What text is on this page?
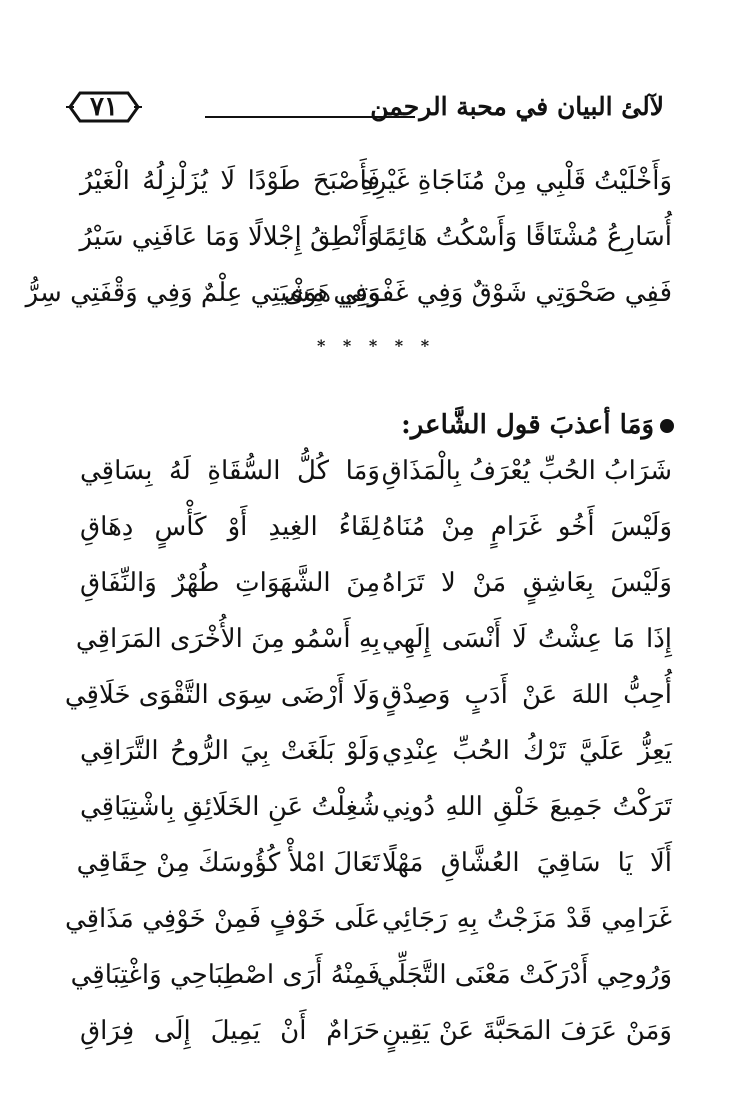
٧١	لآلئ البيان في محبة الرحمن
وَأَخْلَيْتُ قَلْبِي مِنْ مُنَاجَاةِ غَيْرِهِ
فَأَصْبَحَ طَوْدًا لَا يُزَلْزِلُهُ الْغَيْرُ
أُسَارِعُ مُشْتَاقًا وَأَسْكُتُ هَائِمًا
وَأَنْطِقُ إِجْلالًا وَمَا عَافَنِي سَيْرُ
فَفِي صَحْوَتِي شَوْقٌ وَفِي غَفْوَتِي هَوَى
وَفِي مِشْيَتِي عِلْمٌ وَفِي وَقْفَتِي سِرُّ
* * * * *
وَمَا أعذبَ قول الشَّاعر:
شَرَابُ الحُبِّ يُعْرَفُ بِالْمَذَاقِ
وَمَا كُلُّ السُّقَاةِ لَهُ بِسَاقِي
وَلَيْسَ أَخُو غَرَامٍ مِنْ مُنَاهُ
لِقَاءُ الغِيدِ أَوْ كَأْسٍ دِهَاقِ
وَلَيْسَ بِعَاشِقٍ مَنْ لا تَرَاهُ
مِنَ الشَّهَوَاتِ طُهْرٌ وَالنِّفَاقِ
إِذَا مَا عِشْتُ لَا أَنْسَى إِلَهِي
بِهِ أَسْمُو مِنَ الأُخْرَى المَرَاقِي
أُحِبُّ اللهَ عَنْ أَدَبٍ وَصِدْقٍ
وَلَا أَرْضَى سِوَى التَّقْوَى خَلَاقِي
يَعِزُّ عَلَيَّ تَرْكُ الحُبِّ عِنْدِي
وَلَوْ بَلَغَتْ بِيَ الرُّوحُ التَّرَاقِي
تَرَكْتُ جَمِيعَ خَلْقِ اللهِ دُونِي
شُغِلْتُ عَنِ الخَلَائِقِ بِاشْتِيَاقِي
أَلَا يَا سَاقِيَ العُشَّاقِ مَهْلًا
تَعَالَ امْلأْ كُؤُوسَكَ مِنْ حِقَاقِي
غَرَامِي قَدْ مَزَجْتُ بِهِ رَجَائِي
عَلَى خَوْفٍ فَمِنْ خَوْفِي مَذَاقِي
وَرُوحِي أَدْرَكَتْ مَعْنَى التَّجَلِّي
فَمِنْهُ أَرَى اصْطِبَاحِي وَاغْتِبَاقِي
وَمَنْ عَرَفَ المَحَبَّةَ عَنْ يَقِينٍ
حَرَامٌ أَنْ يَمِيلَ إِلَى فِرَاقِ
